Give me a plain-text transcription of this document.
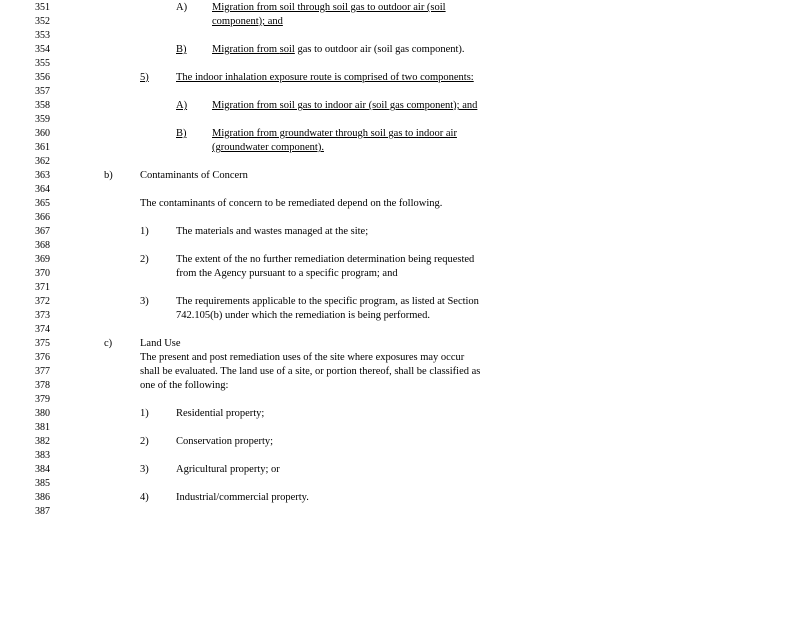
351
352
353
354
355
356
357
358
359
360
361
362
363
364
365
366
367
368
369
370
371
372
373
374
375
376
377
378
379
380
381
382
383
384
385
386
387
A) Migration from soil through soil gas to outdoor air (soil
component); and
B) Migration from soil gas to outdoor air (soil gas component).
5)	The indoor inhalation exposure route is comprised of two components:
A) Migration from soil gas to indoor air (soil gas component); and
B) Migration from groundwater through soil gas to indoor air
(groundwater component).
b)	Contaminants of Concern
The contaminants of concern to be remediated depend on the following.
1)	The materials and wastes managed at the site;
2)	The extent of the no further remediation determination being requested
from the Agency pursuant to a specific program; and
3)	The requirements applicable to the specific program, as listed at Section
742.105(b) under which the remediation is being performed.
c)	Land Use
The present and post remediation uses of the site where exposures may occur
shall be evaluated. The land use of a site, or portion thereof, shall be classified as
one of the following:
1)	Residential property;
2)	Conservation property;
3)	Agricultural property; or
4)	Industrial/commercial property.
